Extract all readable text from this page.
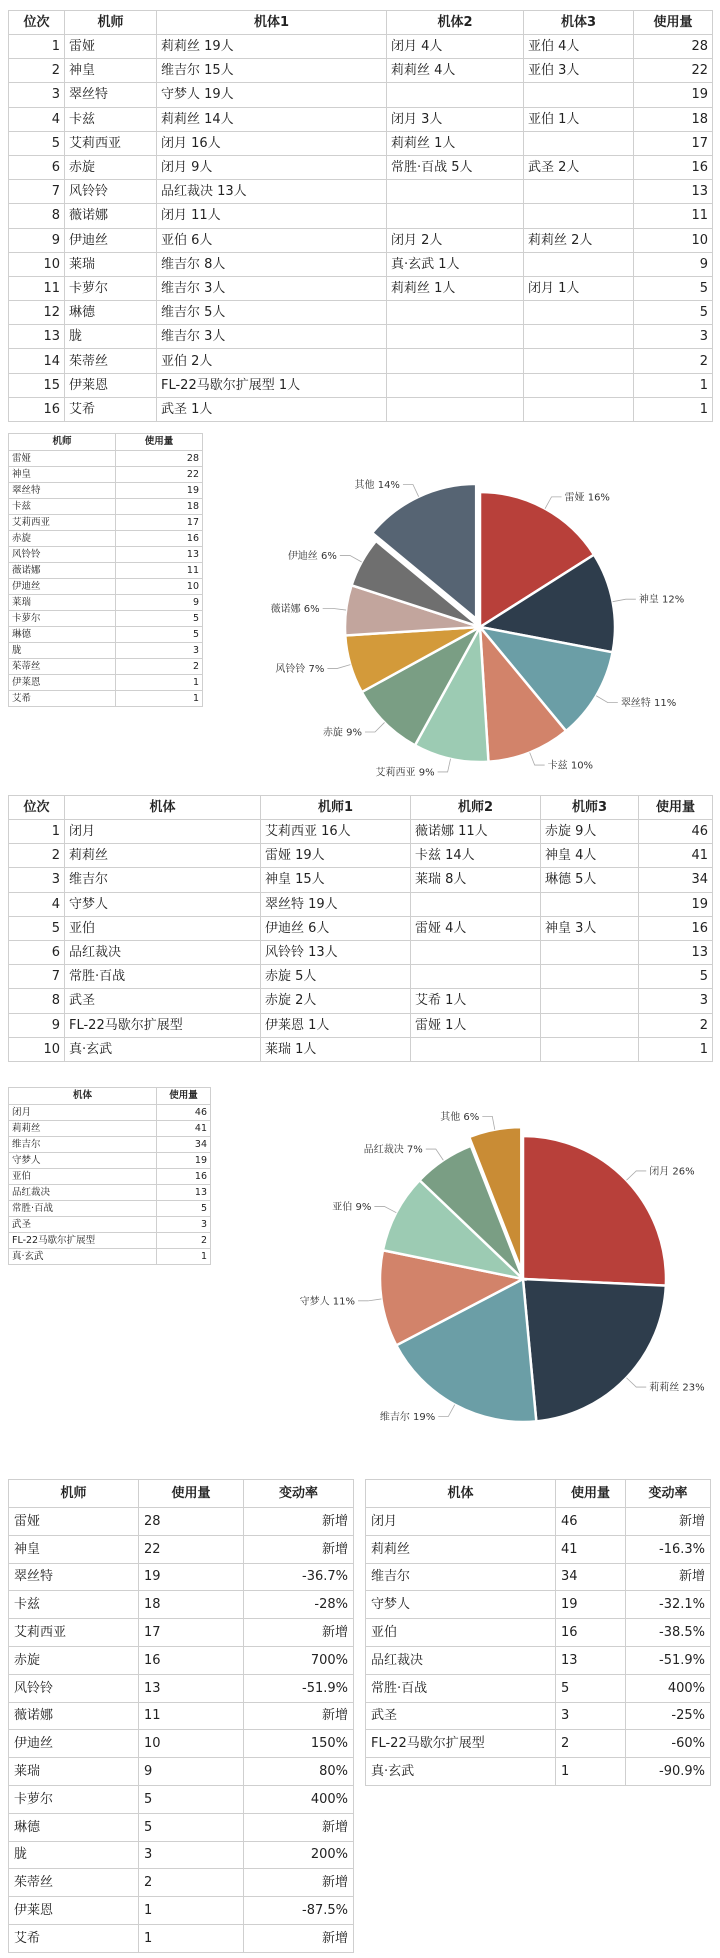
位次	机师	机体1	机体2	机体3	使用量
1	雷娅	莉莉丝 19人	闭月 4人	亚伯 4人	28
2	神皇	维吉尔 15人	莉莉丝 4人	亚伯 3人	22
3	翠丝特	守梦人 19人			19
4	卡兹	莉莉丝 14人	闭月 3人	亚伯 1人	18
5	艾莉西亚	闭月 16人	莉莉丝 1人		17
6	赤旋	闭月 9人	常胜·百战 5人	武圣 2人	16
7	风铃铃	品红裁决 13人			13
8	薇诺娜	闭月 11人			11
9	伊迪丝	亚伯 6人	闭月 2人	莉莉丝 2人	10
10	莱瑞	维吉尔 8人	真·玄武 1人		9
11	卡萝尔	维吉尔 3人	莉莉丝 1人	闭月 1人	5
12	琳德	维吉尔 5人			5
13	胧	维吉尔 3人			3
14	茱蒂丝	亚伯 2人			2
15	伊莱恩	FL-22马歇尔扩展型 1人			1
16	艾希	武圣 1人			1
机师	使用量
雷娅	28
神皇	22
翠丝特	19
卡兹	18
艾莉西亚	17
赤旋	16
风铃铃	13
薇诺娜	11
伊迪丝	10
莱瑞	9
卡萝尔	5
琳德	5
胧	3
茱蒂丝	2
伊莱恩	1
艾希	1
雷娅 16%
神皇 12%
翠丝特 11%
卡兹 10%
艾莉西亚 9%
赤旋 9%
风铃铃 7%
薇诺娜 6%
伊迪丝 6%
其他 14%
位次	机体	机师1	机师2	机师3	使用量
1	闭月	艾莉西亚 16人	薇诺娜 11人	赤旋 9人	46
2	莉莉丝	雷娅 19人	卡兹 14人	神皇 4人	41
3	维吉尔	神皇 15人	莱瑞 8人	琳德 5人	34
4	守梦人	翠丝特 19人			19
5	亚伯	伊迪丝 6人	雷娅 4人	神皇 3人	16
6	品红裁决	风铃铃 13人			13
7	常胜·百战	赤旋 5人			5
8	武圣	赤旋 2人	艾希 1人		3
9	FL-22马歇尔扩展型	伊莱恩 1人	雷娅 1人		2
10	真·玄武	莱瑞 1人			1
机体	使用量
闭月	46
莉莉丝	41
维吉尔	34
守梦人	19
亚伯	16
品红裁决	13
常胜·百战	5
武圣	3
FL-22马歇尔扩展型	2
真·玄武	1
闭月 26%
莉莉丝 23%
维吉尔 19%
守梦人 11%
亚伯 9%
品红裁决 7%
其他 6%
机师	使用量	变动率
雷娅	28	新增
神皇	22	新增
翠丝特	19	-36.7%
卡兹	18	-28%
艾莉西亚	17	新增
赤旋	16	700%
风铃铃	13	-51.9%
薇诺娜	11	新增
伊迪丝	10	150%
莱瑞	9	80%
卡萝尔	5	400%
琳德	5	新增
胧	3	200%
茱蒂丝	2	新增
伊莱恩	1	-87.5%
艾希	1	新增
机体	使用量	变动率
闭月	46	新增
莉莉丝	41	-16.3%
维吉尔	34	新增
守梦人	19	-32.1%
亚伯	16	-38.5%
品红裁决	13	-51.9%
常胜·百战	5	400%
武圣	3	-25%
FL-22马歇尔扩展型	2	-60%
真·玄武	1	-90.9%
